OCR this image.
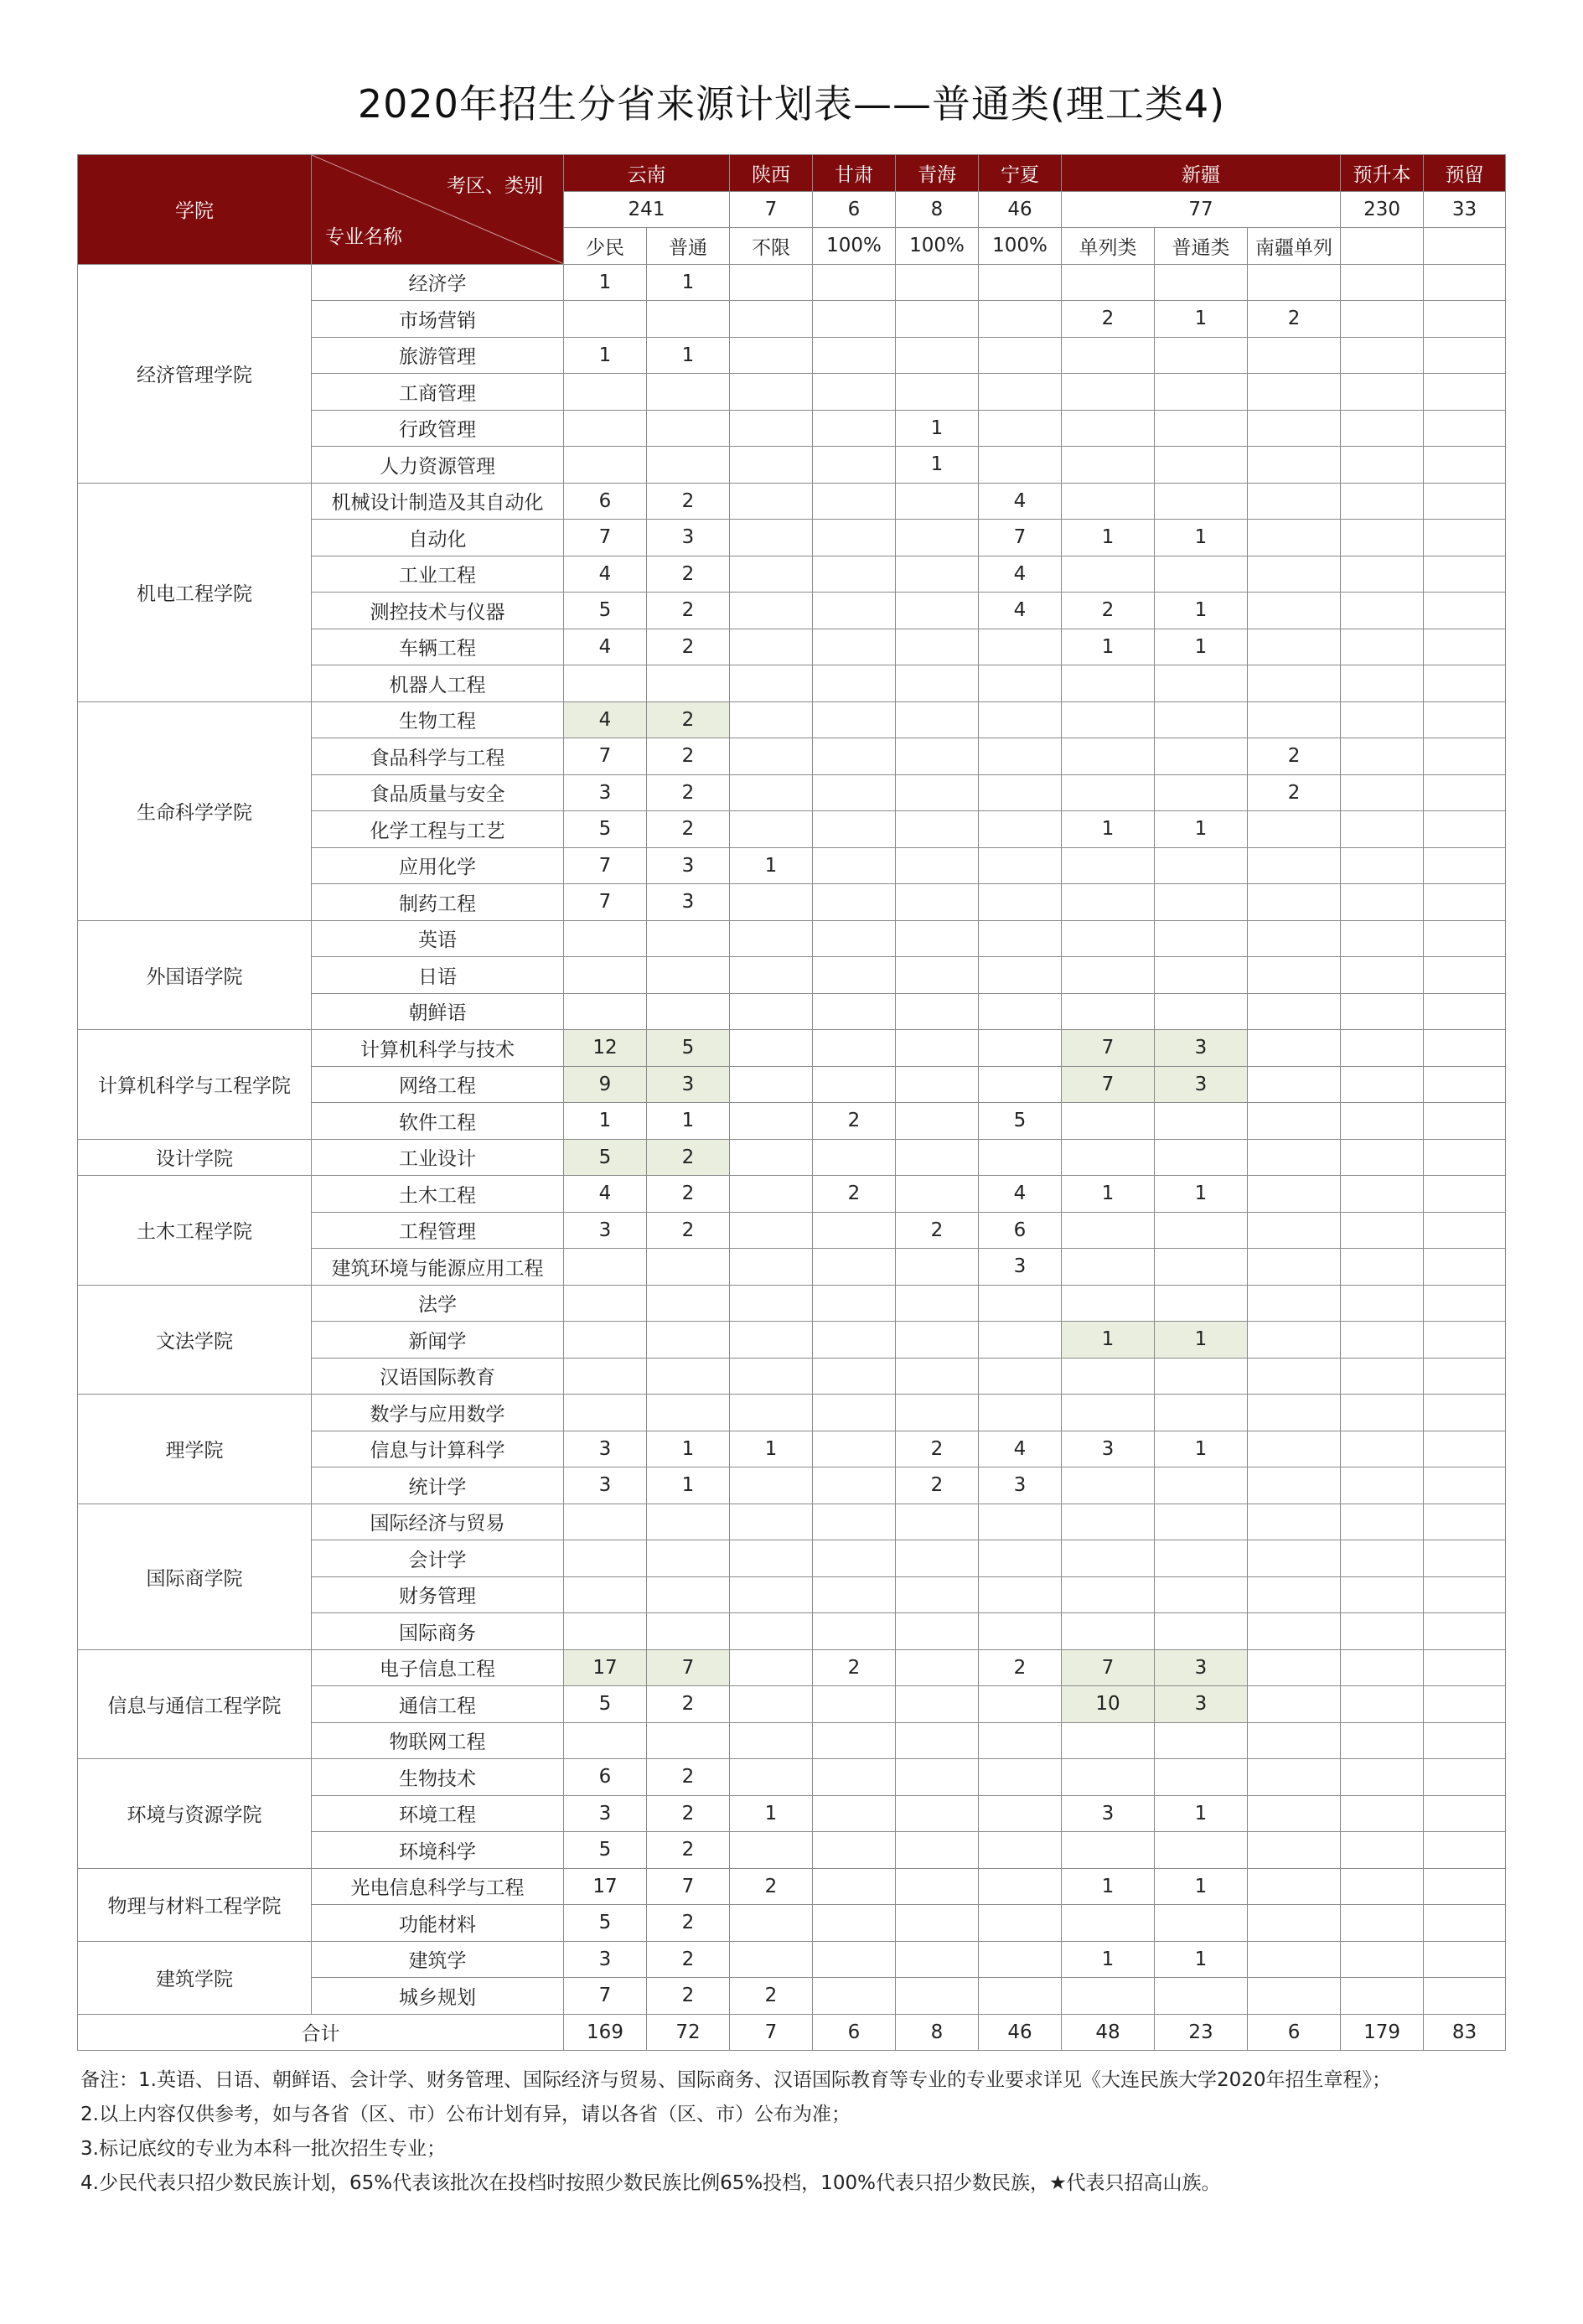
2020年招生分省来源计划表——普通类(理工类4)
学院	考区、类别
专业名称	云南		陕西	甘肃	青海	宁夏	新疆			预升本	预留
		241		7	6	8	46	77			230	33
		少民	普通	不限	100%	100%	100%	单列类	普通类	南疆单列		
经济管理学院	经济学	1	1									
	市场营销							2	1	2		
	旅游管理	1	1									
	工商管理											
	行政管理					1						
	人力资源管理					1						
机电工程学院	机械设计制造及其自动化	6	2				4					
	自动化	7	3				7	1	1			
	工业工程	4	2				4					
	测控技术与仪器	5	2				4	2	1			
	车辆工程	4	2					1	1			
	机器人工程											
生命科学学院	生物工程	4	2									
	食品科学与工程	7	2							2		
	食品质量与安全	3	2							2		
	化学工程与工艺	5	2					1	1			
	应用化学	7	3	1								
	制药工程	7	3									
外国语学院	英语											
	日语											
	朝鲜语											
计算机科学与工程学院	计算机科学与技术	12	5					7	3			
	网络工程	9	3					7	3			
	软件工程	1	1		2		5					
设计学院	工业设计	5	2									
土木工程学院	土木工程	4	2		2		4	1	1			
	工程管理	3	2			2	6					
	建筑环境与能源应用工程						3					
文法学院	法学											
	新闻学							1	1			
	汉语国际教育											
理学院	数学与应用数学											
	信息与计算科学	3	1	1		2	4	3	1			
	统计学	3	1			2	3					
国际商学院	国际经济与贸易											
	会计学											
	财务管理											
	国际商务											
信息与通信工程学院	电子信息工程	17	7		2		2	7	3			
	通信工程	5	2					10	3			
	物联网工程											
环境与资源学院	生物技术	6	2									
	环境工程	3	2	1				3	1			
	环境科学	5	2									
物理与材料工程学院	光电信息科学与工程	17	7	2				1	1			
	功能材料	5	2									
建筑学院	建筑学	3	2					1	1			
	城乡规划	7	2	2								
合计		169	72	7	6	8	46	48	23	6	179	83
备注：1.英语、日语、朝鲜语、会计学、财务管理、国际经济与贸易、国际商务、汉语国际教育等专业的专业要求详见《大连民族大学2020年招生章程》；
2.以上内容仅供参考，如与各省（区、市）公布计划有异，请以各省（区、市）公布为准；
3.标记底纹的专业为本科一批次招生专业；
4.少民代表只招少数民族计划，65%代表该批次在投档时按照少数民族比例65%投档，100%代表只招少数民族，★代表只招高山族。
